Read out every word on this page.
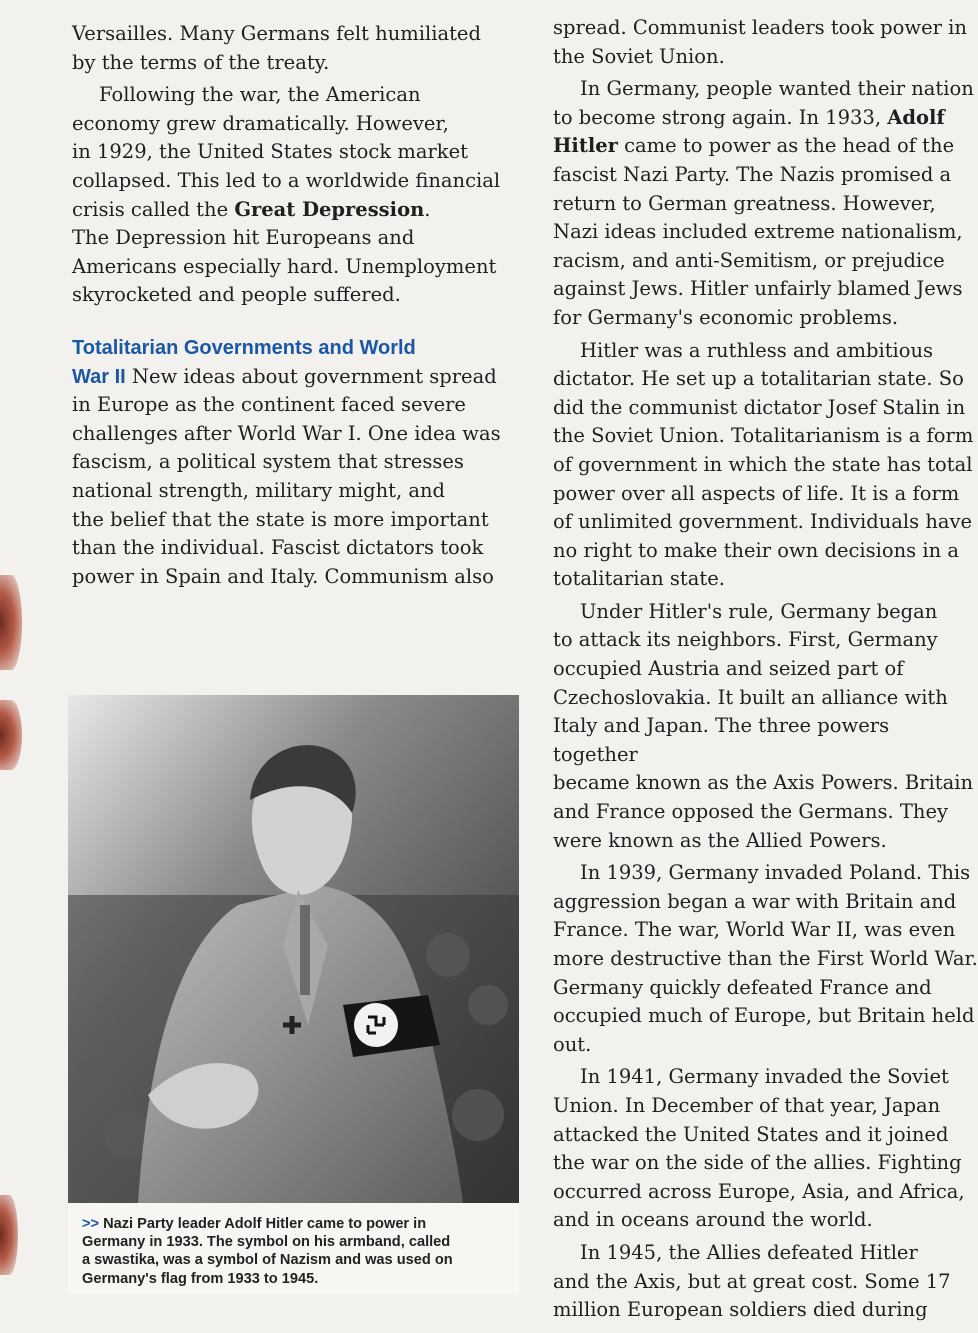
Versailles. Many Germans felt humiliated
by the terms of the treaty.

Following the war, the American
economy grew dramatically. However,
in 1929, the United States stock market
collapsed. This led to a worldwide financial
crisis called the Great Depression.
The Depression hit Europeans and
Americans especially hard. Unemployment
skyrocketed and people suffered.

Totalitarian Governments and World
War II New ideas about government spread
in Europe as the continent faced severe
challenges after World War I. One idea was
fascism, a political system that stresses
national strength, military might, and
the belief that the state is more important
than the individual. Fascist dictators took
power in Spain and Italy. Communism also

>> Nazi Party leader Adolf Hitler came to power in
Germany in 1933. The symbol on his armband, called
a swastika, was a symbol of Nazism and was used on
Germany's flag from 1933 to 1945.

spread. Communist leaders took power in
the Soviet Union.

In Germany, people wanted their nation
to become strong again. In 1933, Adolf
Hitler came to power as the head of the
fascist Nazi Party. The Nazis promised a
return to German greatness. However,
Nazi ideas included extreme nationalism,
racism, and anti-Semitism, or prejudice
against Jews. Hitler unfairly blamed Jews
for Germany's economic problems.

Hitler was a ruthless and ambitious
dictator. He set up a totalitarian state. So
did the communist dictator Josef Stalin in
the Soviet Union. Totalitarianism is a form
of government in which the state has total
power over all aspects of life. It is a form
of unlimited government. Individuals have
no right to make their own decisions in a
totalitarian state.

Under Hitler's rule, Germany began
to attack its neighbors. First, Germany
occupied Austria and seized part of
Czechoslovakia. It built an alliance with
Italy and Japan. The three powers together
became known as the Axis Powers. Britain
and France opposed the Germans. They
were known as the Allied Powers.

In 1939, Germany invaded Poland. This
aggression began a war with Britain and
France. The war, World War II, was even
more destructive than the First World War.
Germany quickly defeated France and
occupied much of Europe, but Britain held
out.

In 1941, Germany invaded the Soviet
Union. In December of that year, Japan
attacked the United States and it joined
the war on the side of the allies. Fighting
occurred across Europe, Asia, and Africa,
and in oceans around the world.

In 1945, the Allies defeated Hitler
and the Axis, but at great cost. Some 17
million European soldiers died during
